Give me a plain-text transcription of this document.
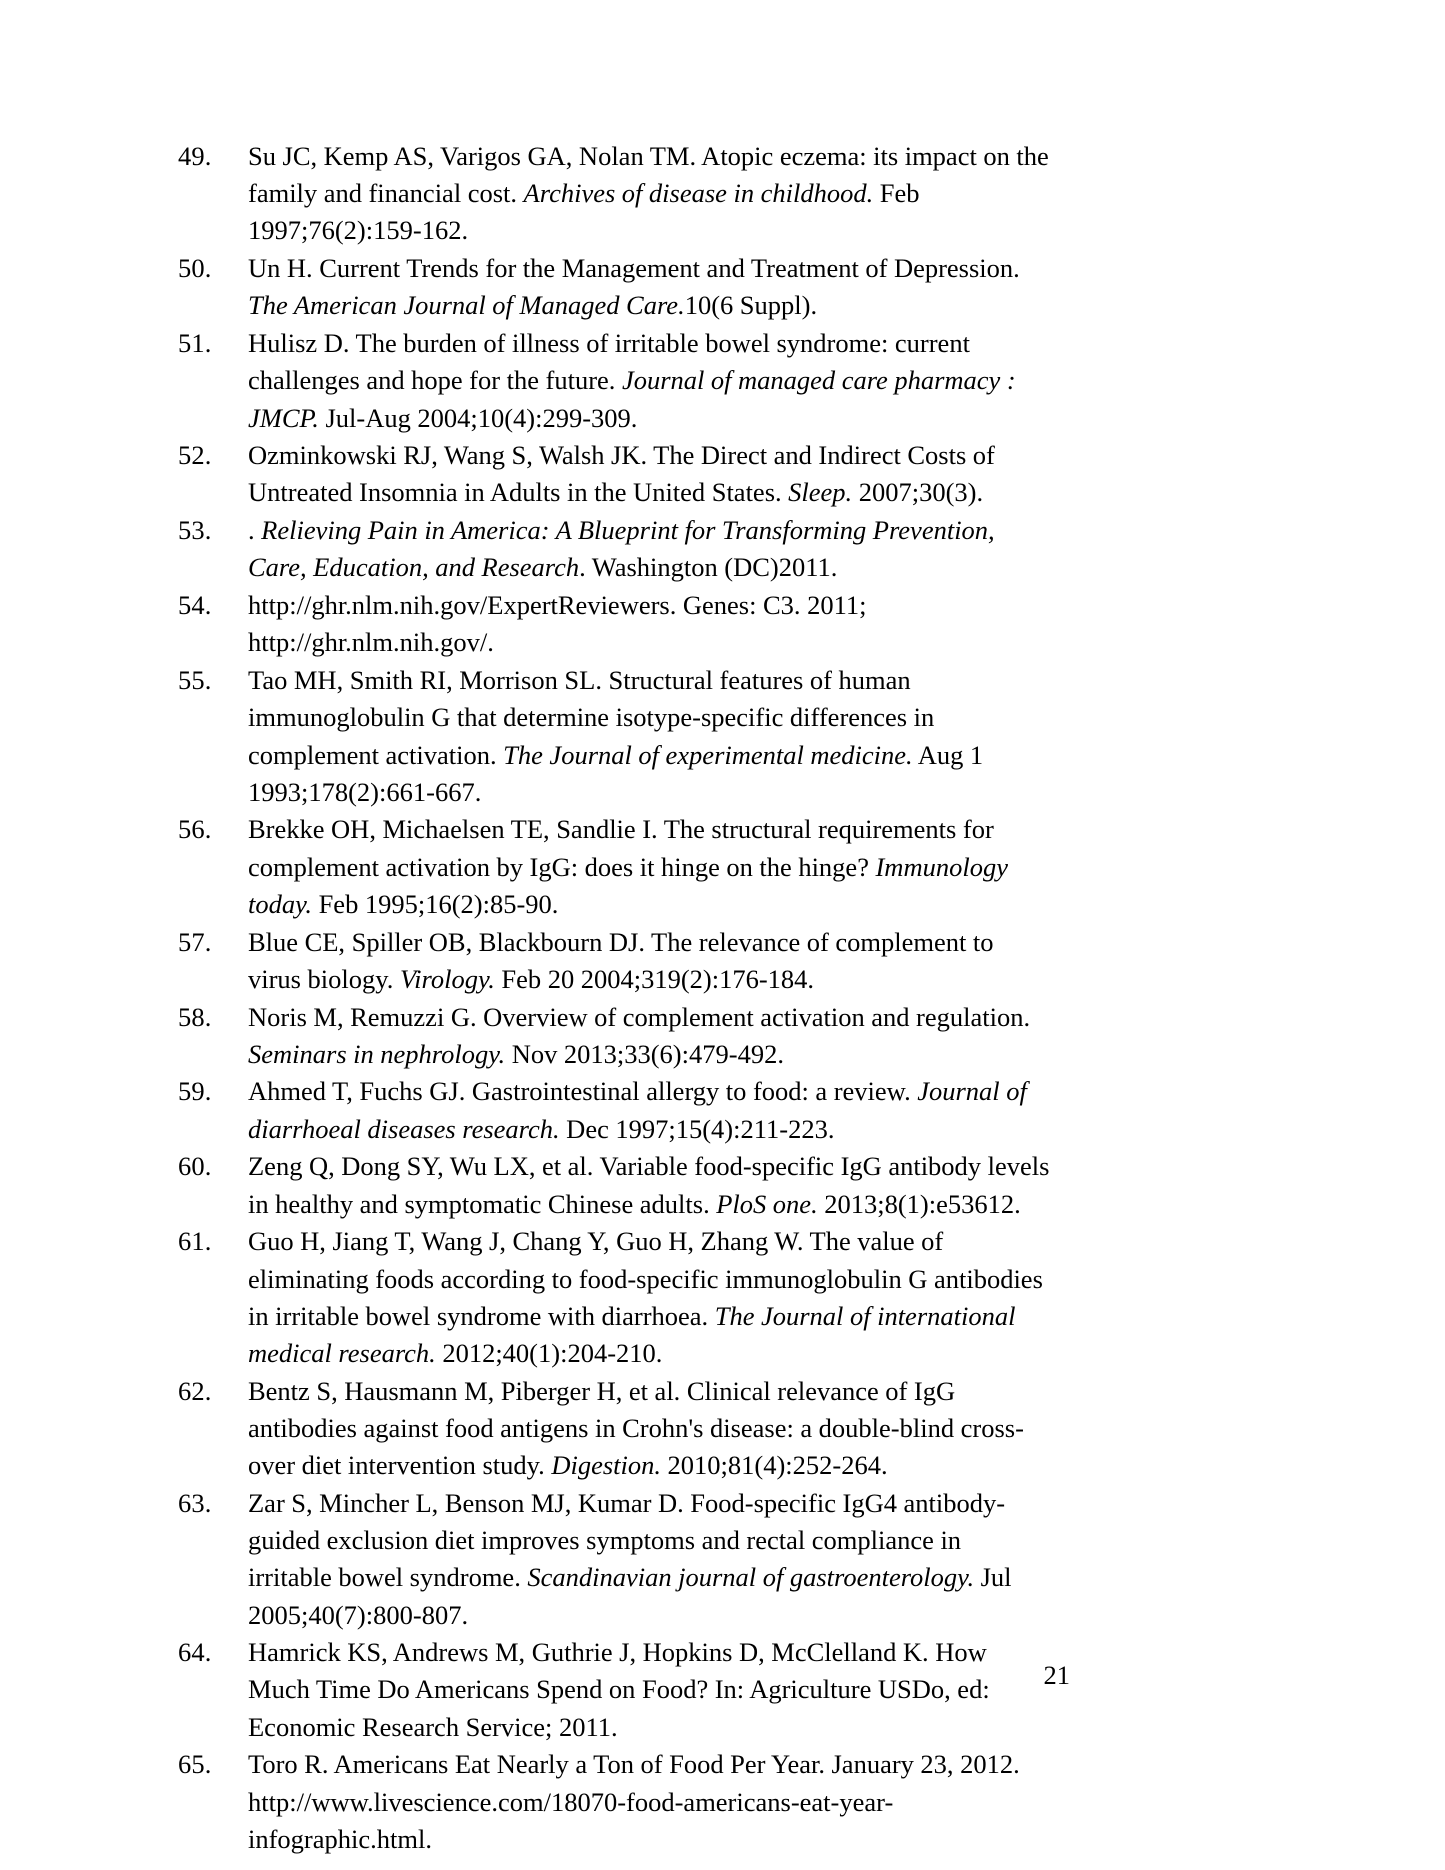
49.	Su JC, Kemp AS, Varigos GA, Nolan TM. Atopic eczema: its impact on the family and financial cost. Archives of disease in childhood. Feb 1997;76(2):159-162.
50.	Un H. Current Trends for the Management and Treatment of Depression. The American Journal of Managed Care.10(6 Suppl).
51.	Hulisz D. The burden of illness of irritable bowel syndrome: current challenges and hope for the future. Journal of managed care pharmacy : JMCP. Jul-Aug 2004;10(4):299-309.
52.	Ozminkowski RJ, Wang S, Walsh JK. The Direct and Indirect Costs of Untreated Insomnia in Adults in the United States. Sleep. 2007;30(3).
53.	. Relieving Pain in America: A Blueprint for Transforming Prevention, Care, Education, and Research. Washington (DC)2011.
54.	http://ghr.nlm.nih.gov/ExpertReviewers. Genes: C3. 2011; http://ghr.nlm.nih.gov/.
55.	Tao MH, Smith RI, Morrison SL. Structural features of human immunoglobulin G that determine isotype-specific differences in complement activation. The Journal of experimental medicine. Aug 1 1993;178(2):661-667.
56.	Brekke OH, Michaelsen TE, Sandlie I. The structural requirements for complement activation by IgG: does it hinge on the hinge? Immunology today. Feb 1995;16(2):85-90.
57.	Blue CE, Spiller OB, Blackbourn DJ. The relevance of complement to virus biology. Virology. Feb 20 2004;319(2):176-184.
58.	Noris M, Remuzzi G. Overview of complement activation and regulation. Seminars in nephrology. Nov 2013;33(6):479-492.
59.	Ahmed T, Fuchs GJ. Gastrointestinal allergy to food: a review. Journal of diarrhoeal diseases research. Dec 1997;15(4):211-223.
60.	Zeng Q, Dong SY, Wu LX, et al. Variable food-specific IgG antibody levels in healthy and symptomatic Chinese adults. PloS one. 2013;8(1):e53612.
61.	Guo H, Jiang T, Wang J, Chang Y, Guo H, Zhang W. The value of eliminating foods according to food-specific immunoglobulin G antibodies in irritable bowel syndrome with diarrhoea. The Journal of international medical research. 2012;40(1):204-210.
62.	Bentz S, Hausmann M, Piberger H, et al. Clinical relevance of IgG antibodies against food antigens in Crohn's disease: a double-blind cross-over diet intervention study. Digestion. 2010;81(4):252-264.
63.	Zar S, Mincher L, Benson MJ, Kumar D. Food-specific IgG4 antibody-guided exclusion diet improves symptoms and rectal compliance in irritable bowel syndrome. Scandinavian journal of gastroenterology. Jul 2005;40(7):800-807.
64.	Hamrick KS, Andrews M, Guthrie J, Hopkins D, McClelland K. How Much Time Do Americans Spend on Food? In: Agriculture USDo, ed: Economic Research Service; 2011.
65.	Toro R. Americans Eat Nearly a Ton of Food Per Year. January 23, 2012. http://www.livescience.com/18070-food-americans-eat-year-infographic.html.
21
